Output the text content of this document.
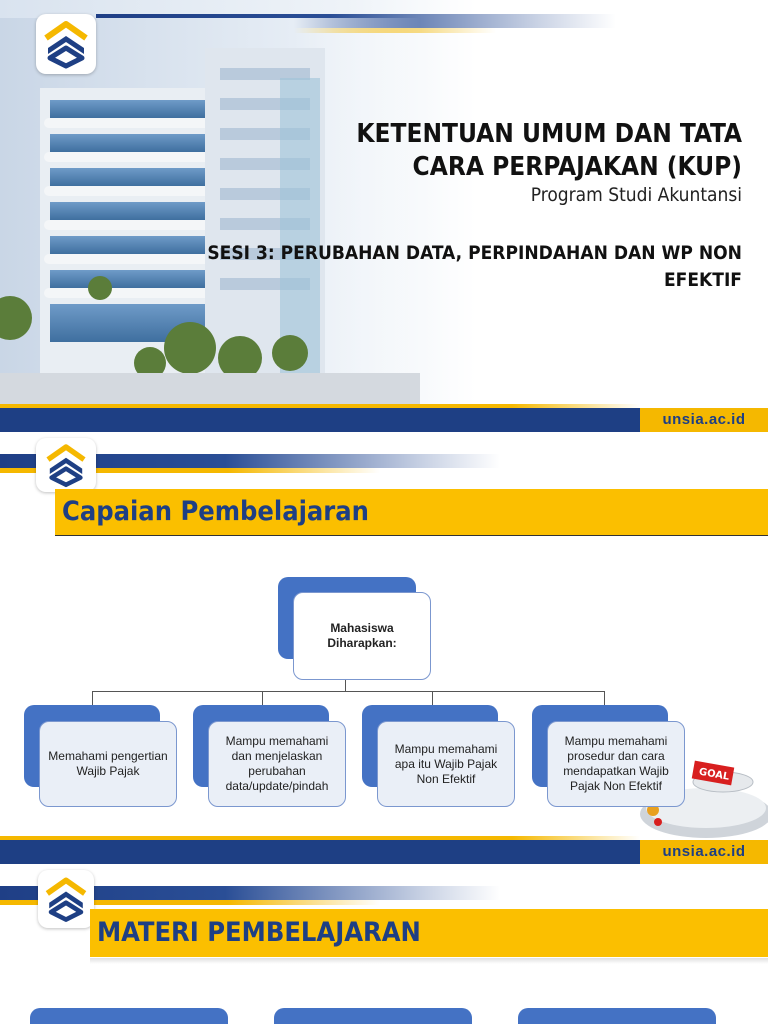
KETENTUAN UMUM DAN TATA CARA PERPAJAKAN (KUP)
Program Studi Akuntansi
SESI 3: PERUBAHAN DATA, PERPINDAHAN DAN WP NON EFEKTIF
unsia.ac.id
Capaian Pembelajaran
Mahasiswa Diharapkan:
Memahami pengertian Wajib Pajak
Mampu memahami dan menjelaskan perubahan data/update/pindah
Mampu memahami apa itu Wajib Pajak Non Efektif	GOAL
Mampu memahami prosedur dan cara mendapatkan Wajib Pajak Non Efektif
unsia.ac.id
MATERI PEMBELAJARAN
